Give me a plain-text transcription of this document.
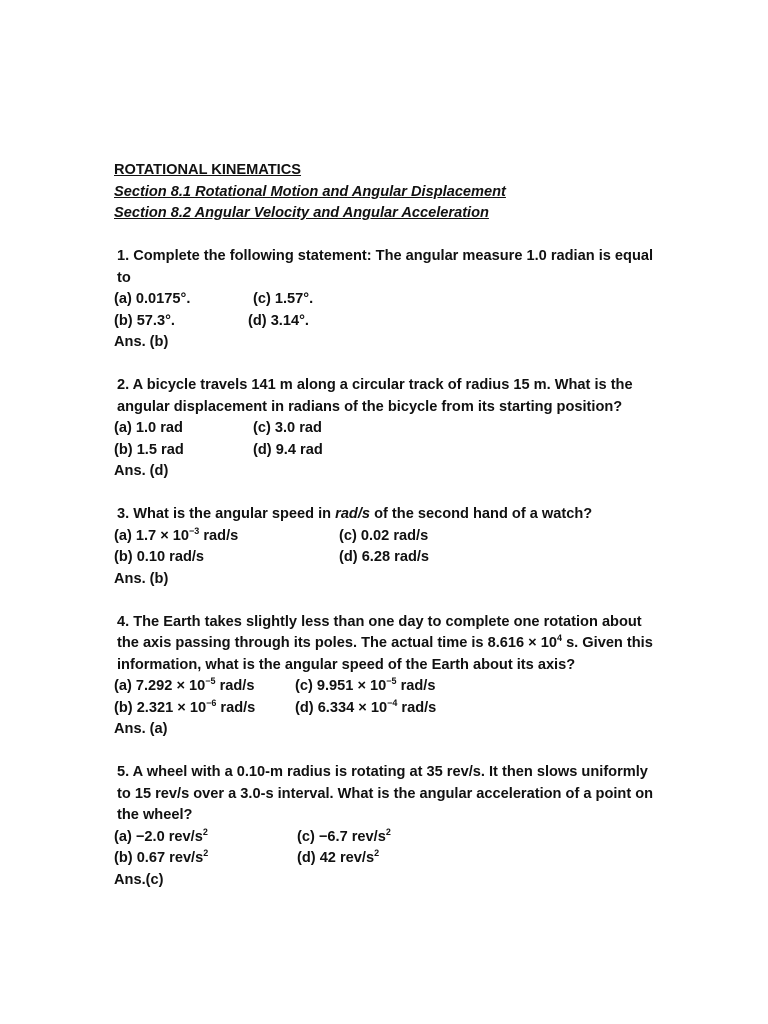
ROTATIONAL KINEMATICS
Section 8.1 Rotational Motion and Angular Displacement
Section 8.2 Angular Velocity and Angular Acceleration
1. Complete the following statement: The angular measure 1.0 radian is equal to
(a) 0.0175°.	(c) 1.57°.
(b) 57.3°.	(d) 3.14°.
Ans. (b)
2. A bicycle travels 141 m along a circular track of radius 15 m. What is the angular displacement in radians of the bicycle from its starting position?
(a) 1.0 rad	(c) 3.0 rad
(b) 1.5 rad	(d) 9.4 rad
Ans. (d)
3. What is the angular speed in rad/s of the second hand of a watch?
(a) $1.7 \times 10^{-3}$ rad/s	(c) 0.02 rad/s
(b) 0.10 rad/s	(d) 6.28 rad/s
Ans. (b)
4. The Earth takes slightly less than one day to complete one rotation about the axis passing through its poles. The actual time is $8.616 \times 10^4$ s. Given this information, what is the angular speed of the Earth about its axis?
(a) $7.292 \times 10^{-5}$ rad/s	(c) $9.951 \times 10^{-5}$ rad/s
(b) $2.321 \times 10^{-6}$ rad/s	(d) $6.334 \times 10^{-4}$ rad/s
Ans. (a)
5. A wheel with a 0.10-m radius is rotating at 35 rev/s. It then slows uniformly to 15 rev/s over a 3.0-s interval. What is the angular acceleration of a point on the wheel?
(a) −2.0 rev/$s^2$	(c) −6.7 rev/$s^2$
(b) 0.67 rev/$s^2$	(d) 42 rev/$s^2$
Ans.(c)
